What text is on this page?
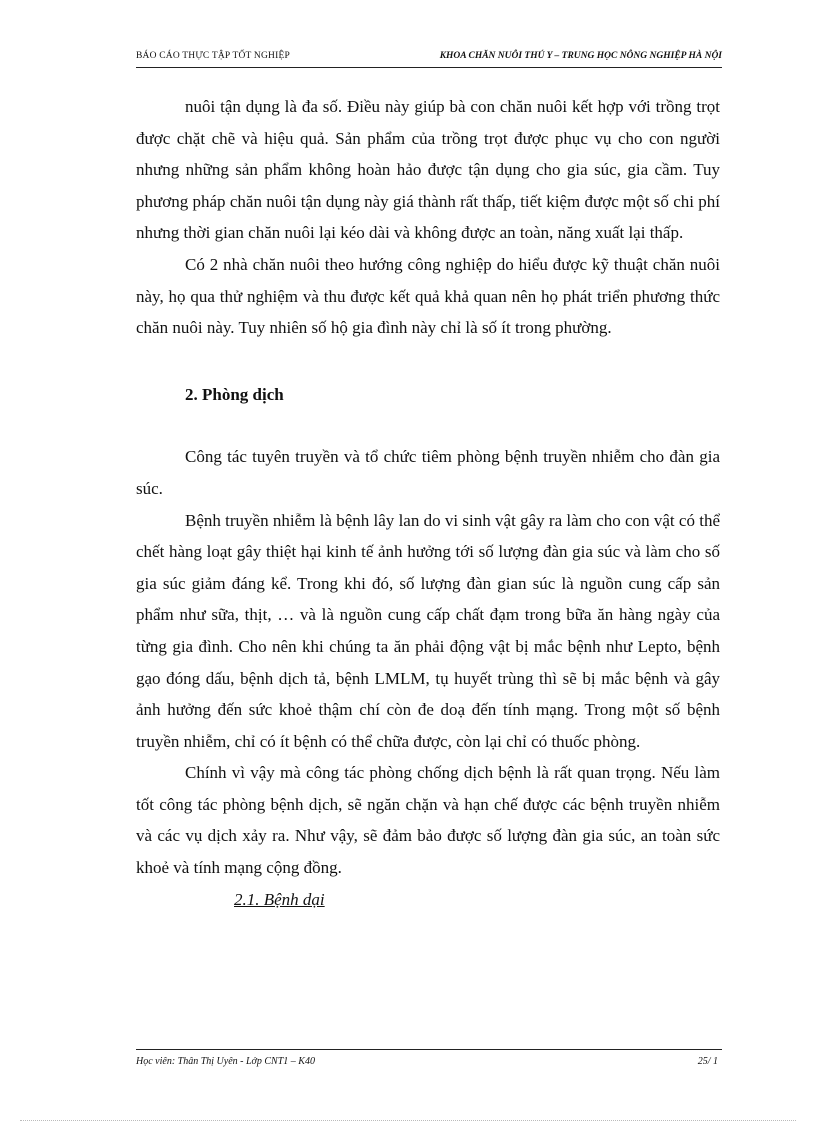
BÁO CÁO THỰC TẬP TỐT NGHIỆP	KHOA CHĂN NUÔI THÚ Y – TRUNG HỌC NÔNG NGHIỆP HÀ NỘI

nuôi tận dụng là đa số. Điều này giúp bà con chăn nuôi kết hợp với trồng trọt được chặt chẽ và hiệu quả. Sản phẩm của trồng trọt được phục vụ cho con người nhưng những sản phẩm không hoàn hảo được tận dụng cho gia súc, gia cầm. Tuy phương pháp chăn nuôi tận dụng này giá thành rất thấp, tiết kiệm được một số chi phí nhưng thời gian chăn nuôi lại kéo dài và không được an toàn, năng xuất lại thấp.

Có 2 nhà chăn nuôi theo hướng công nghiệp do hiểu được kỹ thuật chăn nuôi này, họ qua thử nghiệm và thu được kết quả khả quan nên họ phát triển phương thức chăn nuôi này. Tuy nhiên số hộ gia đình này chỉ là số ít trong phường.

2. Phòng dịch

Công tác tuyên truyền và tổ chức tiêm phòng bệnh truyền nhiễm cho đàn gia súc.

Bệnh truyền nhiễm là bệnh lây lan do vi sinh vật gây ra làm cho con vật có thể chết hàng loạt gây thiệt hại kinh tế ảnh hưởng tới số lượng đàn gia súc và làm cho số gia súc giảm đáng kể. Trong khi đó, số lượng đàn gian súc là nguồn cung cấp sản phẩm như sữa, thịt, … và là nguồn cung cấp chất đạm trong bữa ăn hàng ngày của từng gia đình. Cho nên khi chúng ta ăn phải động vật bị mắc bệnh như Lepto, bệnh gạo đóng dấu, bệnh dịch tả, bệnh LMLM, tụ huyết trùng thì sẽ bị mắc bệnh và gây ảnh hưởng đến sức khoẻ thậm chí còn đe doạ đến tính mạng. Trong một số bệnh truyền nhiễm, chỉ có ít bệnh có thể chữa được, còn lại chỉ có thuốc phòng.

Chính vì vậy mà công tác phòng chống dịch bệnh là rất quan trọng. Nếu làm tốt công tác phòng bệnh dịch, sẽ ngăn chặn và hạn chế được các bệnh truyền nhiễm và các vụ dịch xảy ra. Như vậy, sẽ đảm bảo được số lượng đàn gia súc, an toàn sức khoẻ và tính mạng cộng đồng.

2.1. Bệnh dại

Học viên: Thân Thị Uyên - Lớp CNT1 – K40	25/ 1
